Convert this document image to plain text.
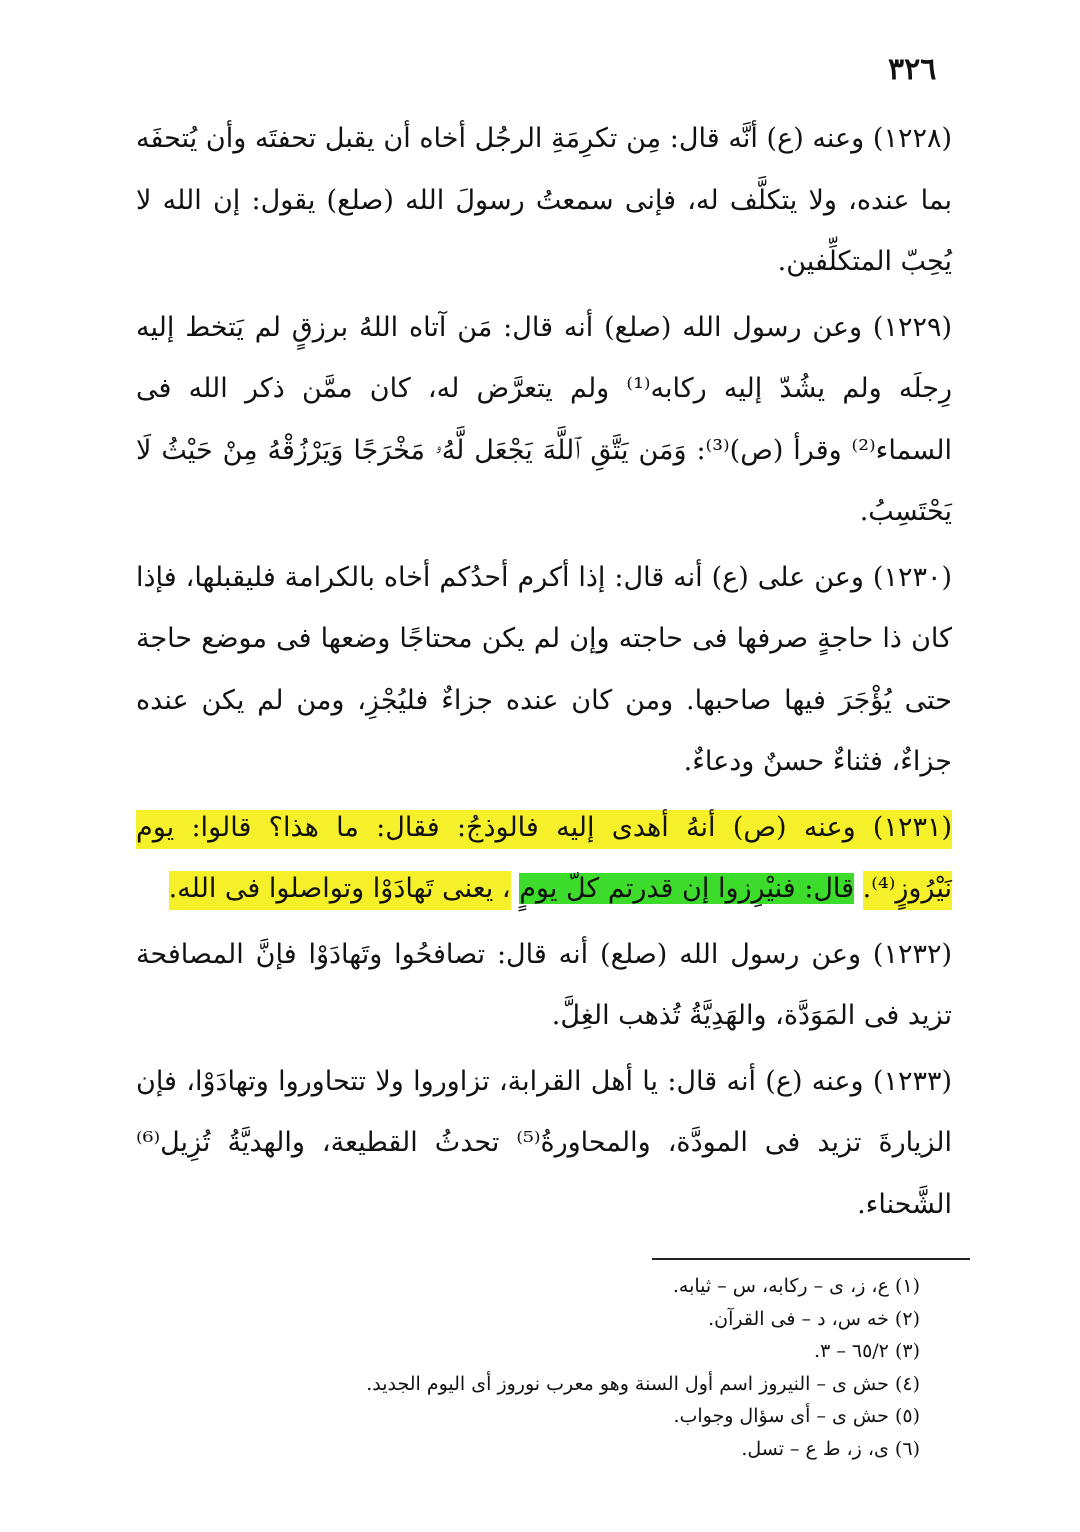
٣٢٦

(١٢٢٨) وعنه (ع) أنَّه قال: مِن تكرِمَةِ الرجُل أخاه أن يقبل تحفتَه وأن يُتحفَه بما عنده، ولا يتكلَّف له، فإنى سمعتُ رسولَ الله (صلع) يقول: إن الله لا يُحِبّ المتكلِّفين.

(١٢٢٩) وعن رسول الله (صلع) أنه قال: مَن آتاه اللهُ برزقٍ لم يَتخط إليه رِجلَه ولم يشُدّ إليه ركابه⁽¹⁾ ولم يتعرَّض له، كان ممَّن ذكر الله فى السماء⁽²⁾ وقرأ (ص)⁽³⁾: وَمَن يَتَّقِ ٱللَّهَ يَجْعَل لَّهُۥ مَخْرَجًا وَيَرْزُقْهُ مِنْ حَيْثُ لَا يَحْتَسِبُ.

(١٢٣٠) وعن على (ع) أنه قال: إذا أكرم أحدُكم أخاه بالكرامة فليقبلها، فإذا كان ذا حاجةٍ صرفها فى حاجته وإن لم يكن محتاجًا وضعها فى موضع حاجة حتى يُؤْجَرَ فيها صاحبها. ومن كان عنده جزاءٌ فليُجْزِ، ومن لم يكن عنده جزاءٌ، فثناءٌ حسنٌ ودعاءٌ.

(١٢٣١) وعنه (ص) أنهُ أهدى إليه فالوذجُ: فقال: ما هذا؟ قالوا: يوم نَيْرُوزٍ⁽⁴⁾. قال: فنيْرِزوا إن قدرتم كلّ يومٍ ، يعنى تَهادَوْا وتواصلوا فى الله.

(١٢٣٢) وعن رسول الله (صلع) أنه قال: تصافحُوا وتَهادَوْا فإنَّ المصافحة تزيد فى المَوَدَّة، والهَدِيَّةُ تُذهب الغِلَّ.

(١٢٣٣) وعنه (ع) أنه قال: يا أهل القرابة، تزاوروا ولا تتحاوروا وتهادَوْا، فإن الزيارةَ تزيد فى المودَّة، والمحاورةُ⁽⁵⁾ تحدثُ القطيعة، والهديَّةُ تُزِيل⁽⁶⁾ الشَّحناء.

(١) ع، ز، ى – ركابه، س – ثيابه.
(٢) خه س، د – فى القرآن.
(٣) ٦٥/٢ – ٣.
(٤) حش ى – النيروز اسم أول السنة وهو معرب نوروز أى اليوم الجديد.
(٥) حش ى – أى سؤال وجواب.
(٦) ى، ز، ط ع – تسل.
